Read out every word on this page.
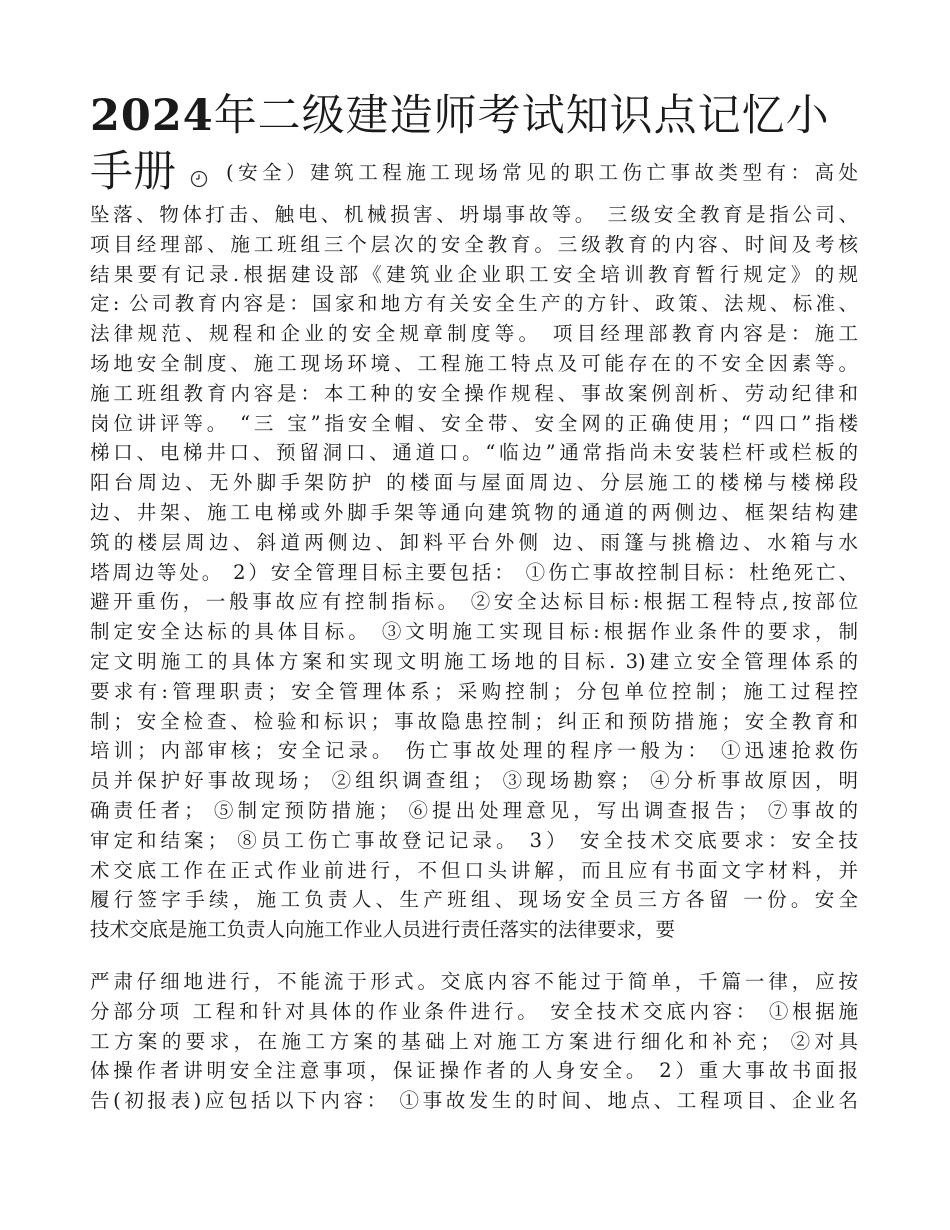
2024年二级建造师考试知识点记忆小
手册	(安全）建筑工程施工现场常见的职工伤亡事故类型有：高处
坠落、物体打击、触电、机械损害、坍塌事故等。 三级安全教育是指公司、
项目经理部、施工班组三个层次的安全教育。三级教育的内容、时间及考核
结果要有记录.根据建设部《建筑业企业职工安全培训教育暂行规定》的规
定: 公司教育内容是：国家和地方有关安全生产的方针、政策、法规、标准、
法律规范、规程和企业的安全规章制度等。 项目经理部教育内容是：施工
场地安全制度、施工现场环境、工程施工特点及可能存在的不安全因素等。
施工班组教育内容是：本工种的安全操作规程、事故案例剖析、劳动纪律和
岗位讲评等。 “三 宝”指安全帽、安全带、安全网的正确使用；“四口”指楼
梯口、电梯井口、预留洞口、通道口。“临边”通常指尚未安装栏杆或栏板的
阳台周边、无外脚手架防护 的楼面与屋面周边、分层施工的楼梯与楼梯段
边、井架、施工电梯或外脚手架等通向建筑物的通道的两侧边、框架结构建
筑的楼层周边、斜道两侧边、卸料平台外侧 边、雨篷与挑檐边、水箱与水
塔周边等处。 2）安全管理目标主要包括： ①伤亡事故控制目标：杜绝死亡、
避开重伤，一般事故应有控制指标。 ②安全达标目标:根据工程特点,按部位
制定安全达标的具体目标。 ③文明施工实现目标:根据作业条件的要求，制
定文明施工的具体方案和实现文明施工场地的目标. 3)建立安全管理体系的
要求有:管理职责；安全管理体系；采购控制；分包单位控制；施工过程控
制；安全检查、检验和标识；事故隐患控制；纠正和预防措施；安全教育和
培训；内部审核；安全记录。 伤亡事故处理的程序一般为： ①迅速抢救伤
员并保护好事故现场； ②组织调查组； ③现场勘察； ④分析事故原因，明
确责任者； ⑤制定预防措施； ⑥提出处理意见，写出调查报告； ⑦事故的
审定和结案； ⑧员工伤亡事故登记记录。 3） 安全技术交底要求：安全技
术交底工作在正式作业前进行，不但口头讲解，而且应有书面文字材料，并
履行签字手续，施工负责人、生产班组、现场安全员三方各留 一份。安全
技术交底是施工负责人向施工作业人员进行责任落实的法律要求，要
严肃仔细地进行，不能流于形式。交底内容不能过于简单，千篇一律，应按
分部分项 工程和针对具体的作业条件进行。 安全技术交底内容： ①根据施
工方案的要求，在施工方案的基础上对施工方案进行细化和补充； ②对具
体操作者讲明安全注意事项，保证操作者的人身安全。 2）重大事故书面报
告(初报表)应包括以下内容： ①事故发生的时间、地点、工程项目、企业名
